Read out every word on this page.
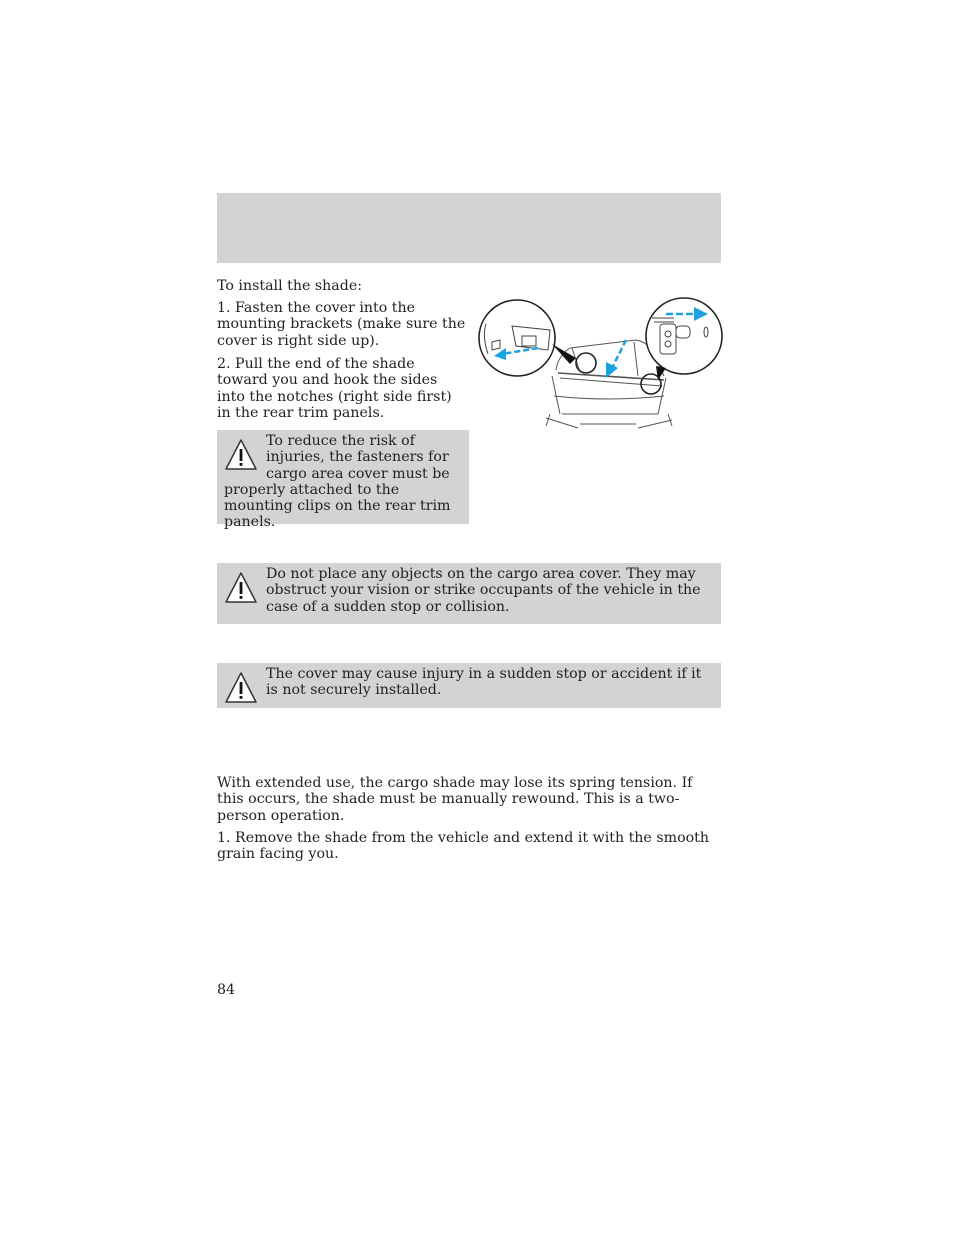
To install the shade:

1. Fasten the cover into the mounting brackets (make sure the cover is right side up).

2. Pull the end of the shade toward you and hook the sides into the notches (right side first) in the rear trim panels.

To reduce the risk of injuries, the fasteners for cargo area cover must be properly attached to the mounting clips on the rear trim panels.
Do not place any objects on the cargo area cover. They may obstruct your vision or strike occupants of the vehicle in the case of a sudden stop or collision.
The cover may cause injury in a sudden stop or accident if it is not securely installed.

With extended use, the cargo shade may lose its spring tension. If this occurs, the shade must be manually rewound. This is a two-person operation.

1. Remove the shade from the vehicle and extend it with the smooth grain facing you.

84
